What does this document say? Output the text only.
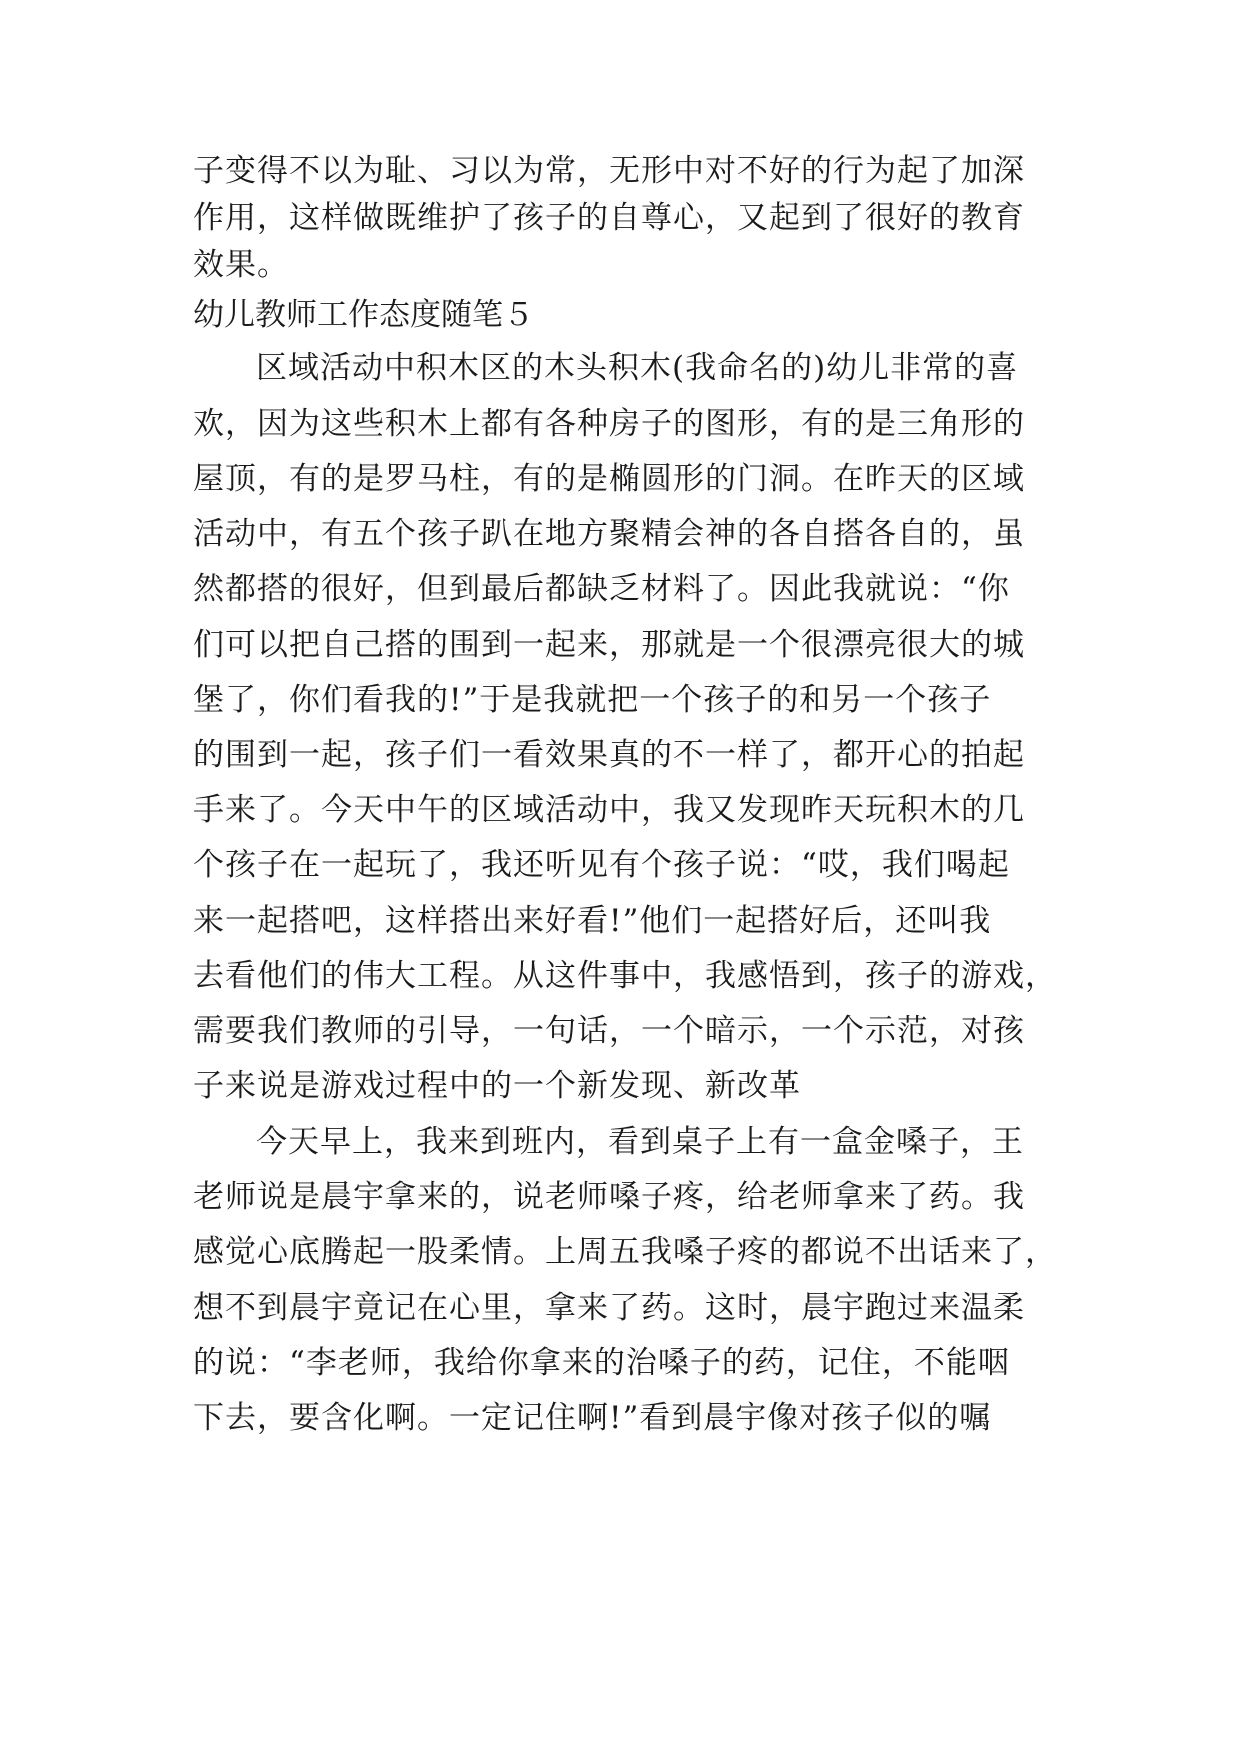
子变得不以为耻、习以为常，无形中对不好的行为起了加深
作用，这样做既维护了孩子的自尊心，又起到了很好的教育
效果。
幼儿教师工作态度随笔５
区域活动中积木区的木头积木(我命名的)幼儿非常的喜
欢，因为这些积木上都有各种房子的图形，有的是三角形的
屋顶，有的是罗马柱，有的是椭圆形的门洞。在昨天的区域
活动中，有五个孩子趴在地方聚精会神的各自搭各自的，虽
然都搭的很好，但到最后都缺乏材料了。因此我就说：“你
们可以把自己搭的围到一起来，那就是一个很漂亮很大的城
堡了，你们看我的!”于是我就把一个孩子的和另一个孩子
的围到一起，孩子们一看效果真的不一样了，都开心的拍起
手来了。今天中午的区域活动中，我又发现昨天玩积木的几
个孩子在一起玩了，我还听见有个孩子说：“哎，我们喝起
来一起搭吧，这样搭出来好看!”他们一起搭好后，还叫我
去看他们的伟大工程。从这件事中，我感悟到，孩子的游戏，
需要我们教师的引导，一句话，一个暗示，一个示范，对孩
子来说是游戏过程中的一个新发现、新改革
今天早上，我来到班内，看到桌子上有一盒金嗓子，王
老师说是晨宇拿来的，说老师嗓子疼，给老师拿来了药。我
感觉心底腾起一股柔情。上周五我嗓子疼的都说不出话来了，
想不到晨宇竟记在心里，拿来了药。这时，晨宇跑过来温柔
的说：“李老师，我给你拿来的治嗓子的药，记住，不能咽
下去，要含化啊。一定记住啊!”看到晨宇像对孩子似的嘱
